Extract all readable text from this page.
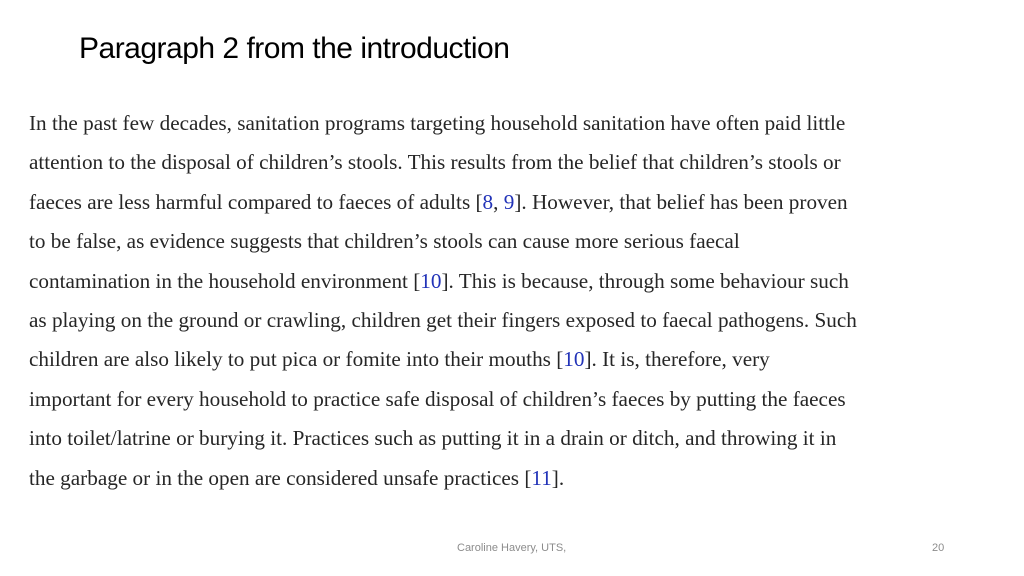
Paragraph 2 from the introduction
In the past few decades, sanitation programs targeting household sanitation have often paid little
attention to the disposal of children’s stools. This results from the belief that children’s stools or
faeces are less harmful compared to faeces of adults [8, 9]. However, that belief has been proven
to be false, as evidence suggests that children’s stools can cause more serious faecal
contamination in the household environment [10]. This is because, through some behaviour such
as playing on the ground or crawling, children get their fingers exposed to faecal pathogens. Such
children are also likely to put pica or fomite into their mouths [10]. It is, therefore, very
important for every household to practice safe disposal of children’s faeces by putting the faeces
into toilet/latrine or burying it. Practices such as putting it in a drain or ditch, and throwing it in
the garbage or in the open are considered unsafe practices [11].
Caroline Havery, UTS,	20
